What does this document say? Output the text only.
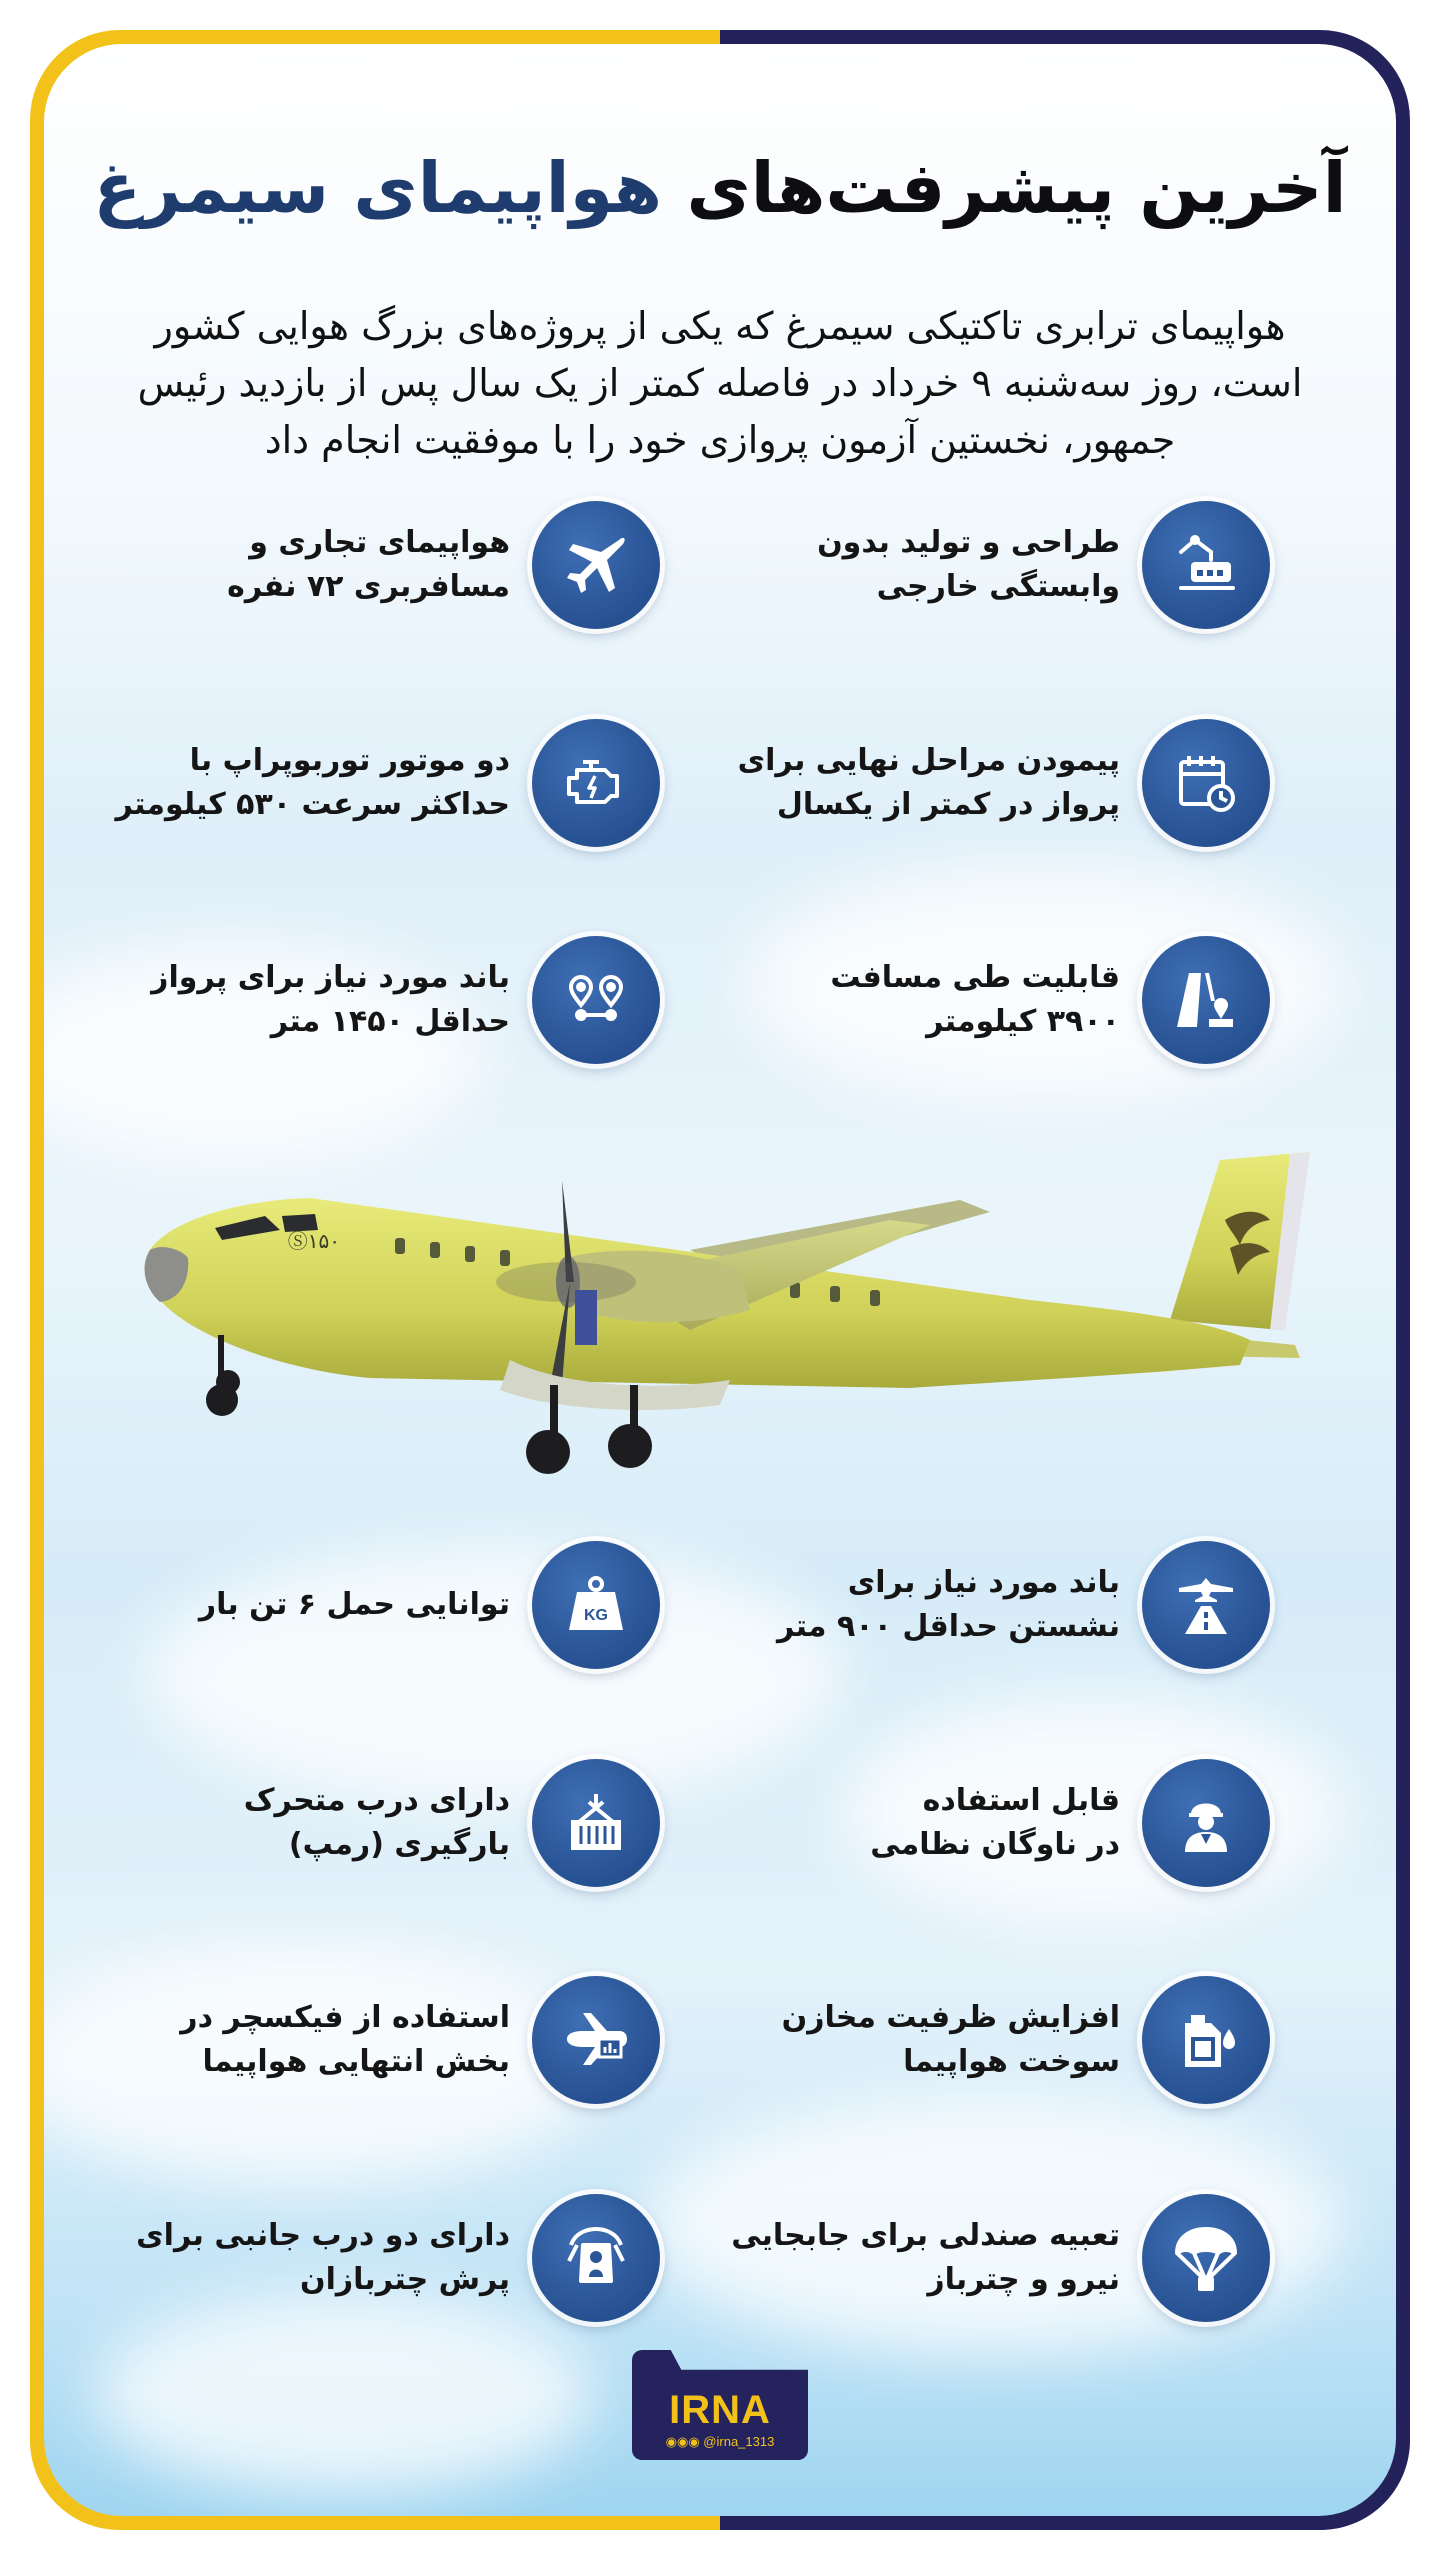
آخرین پیشرفت‌های هواپیمای سیمرغ

هواپیمای ترابری تاکتیکی سیمرغ که یکی از پروژه‌های بزرگ هوایی کشور است، روز سه‌شنبه ۹ خرداد در فاصله کمتر از یک سال پس از بازدید رئیس جمهور، نخستین آزمون پروازی خود را با موفقیت انجام داد

طراحی و تولید بدون
وابستگی خارجی
هواپیمای تجاری و
مسافربری ۷۲ نفره
پیمودن مراحل نهایی برای
پرواز در کمتر از یکسال
دو موتور توربوپراپ با
حداکثر سرعت ۵۳۰ کیلومتر
قابلیت طی مسافت
۳۹۰۰ کیلومتر
باند مورد نیاز برای پرواز
حداقل ۱۴۵۰ متر
Ⓢ۱۵۰
باند مورد نیاز برای
نشستن حداقل ۹۰۰ متر
KG
توانایی حمل ۶ تن بار
قابل استفاده
در ناوگان نظامی
دارای درب متحرک
بارگیری (رمپ)
افزایش ظرفیت مخازن
سوخت هواپیما
استفاده از فیکسچر در
بخش انتهایی هواپیما
تعبیه صندلی برای جابجایی
نیرو و چترباز
دارای دو درب جانبی برای
پرش چتربازان
IRNA
◉◉◉ @irna_1313
